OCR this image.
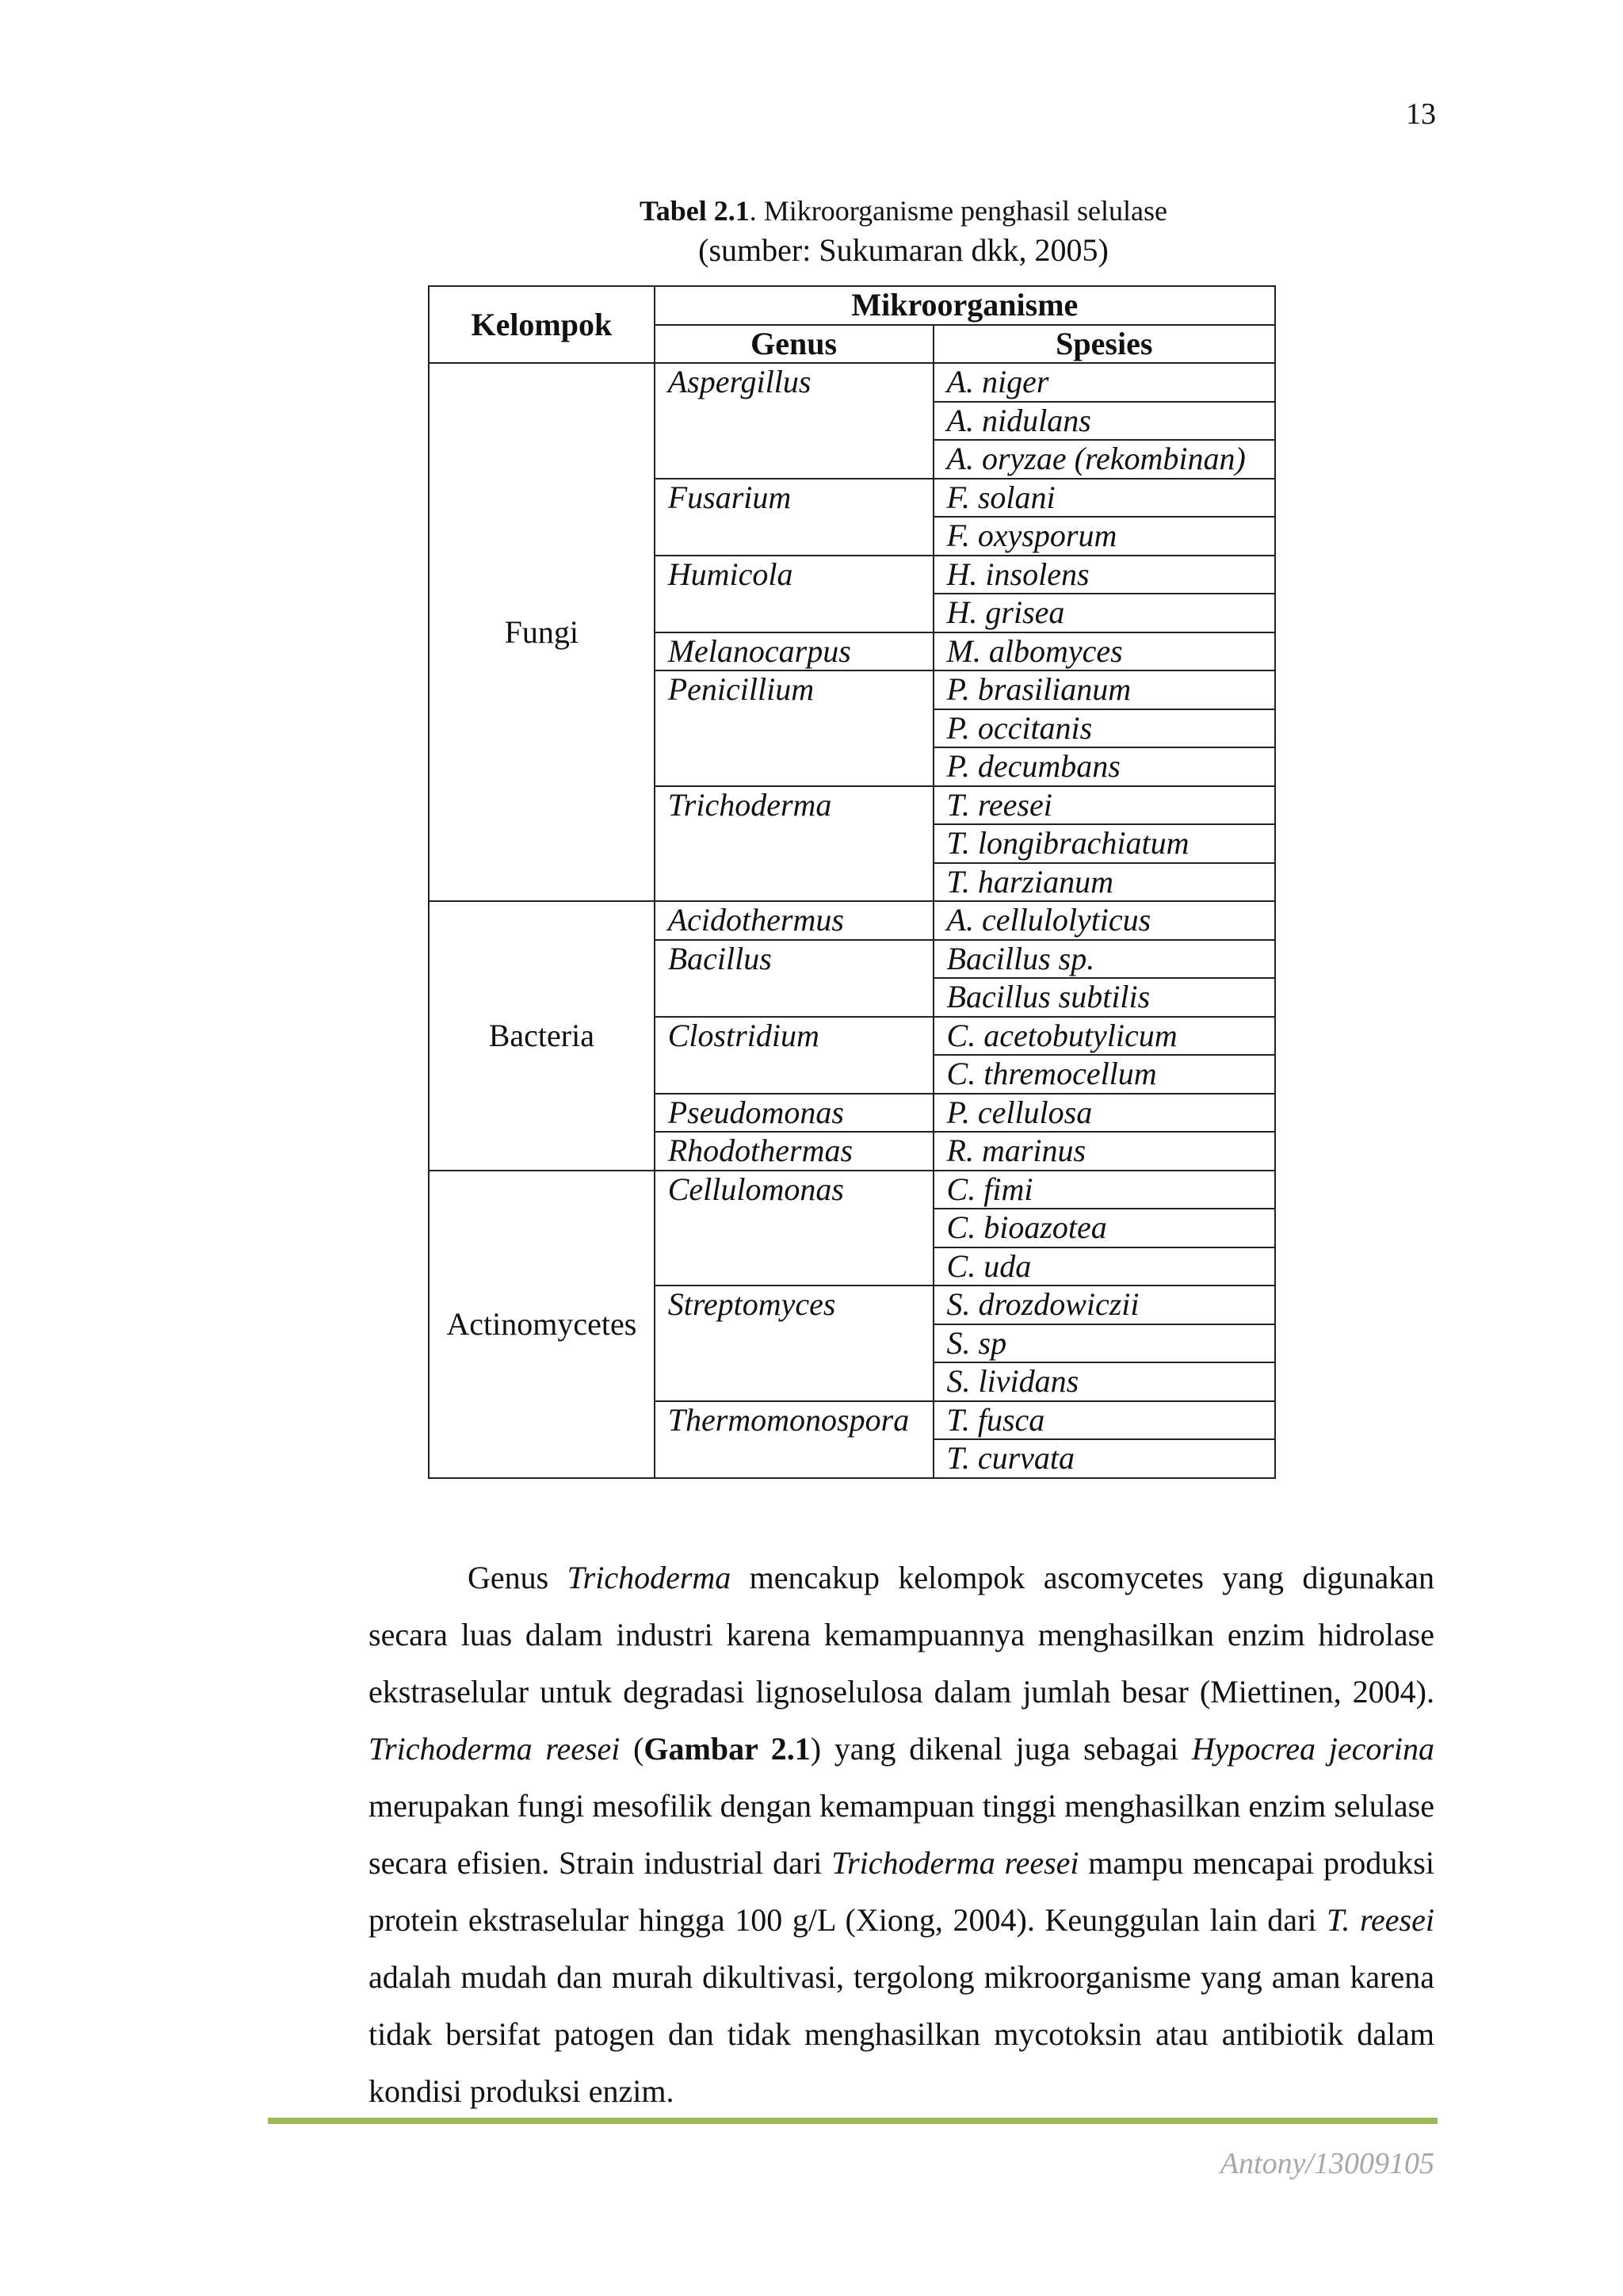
13
Tabel 2.1. Mikroorganisme penghasil selulase
(sumber: Sukumaran dkk, 2005)
Kelompok	Mikroorganisme	
	Genus	Spesies
Fungi	Aspergillus	A. niger
		A. nidulans
		A. oryzae (rekombinan)
	Fusarium	F. solani
		F. oxysporum
	Humicola	H. insolens
		H. grisea
	Melanocarpus	M. albomyces
	Penicillium	P. brasilianum
		P. occitanis
		P. decumbans
	Trichoderma	T. reesei
		T. longibrachiatum
		T. harzianum
Bacteria	Acidothermus	A. cellulolyticus
	Bacillus	Bacillus sp.
		Bacillus subtilis
	Clostridium	C. acetobutylicum
		C. thremocellum
	Pseudomonas	P. cellulosa
	Rhodothermas	R. marinus
Actinomycetes	Cellulomonas	C. fimi
		C. bioazotea
		C. uda
	Streptomyces	S. drozdowiczii
		S. sp
		S. lividans
	Thermomonospora	T. fusca
		T. curvata

Genus Trichoderma mencakup kelompok ascomycetes yang digunakan secara luas dalam industri karena kemampuannya menghasilkan enzim hidrolase ekstraselular untuk degradasi lignoselulosa dalam jumlah besar (Miettinen, 2004). Trichoderma reesei (Gambar 2.1) yang dikenal juga sebagai Hypocrea jecorina merupakan fungi mesofilik dengan kemampuan tinggi menghasilkan enzim selulase secara efisien. Strain industrial dari Trichoderma reesei mampu mencapai produksi protein ekstraselular hingga 100 g/L (Xiong, 2004). Keunggulan lain dari T. reesei adalah mudah dan murah dikultivasi, tergolong mikroorganisme yang aman karena tidak bersifat patogen dan tidak menghasilkan mycotoksin atau antibiotik dalam kondisi produksi enzim.

Antony/13009105
